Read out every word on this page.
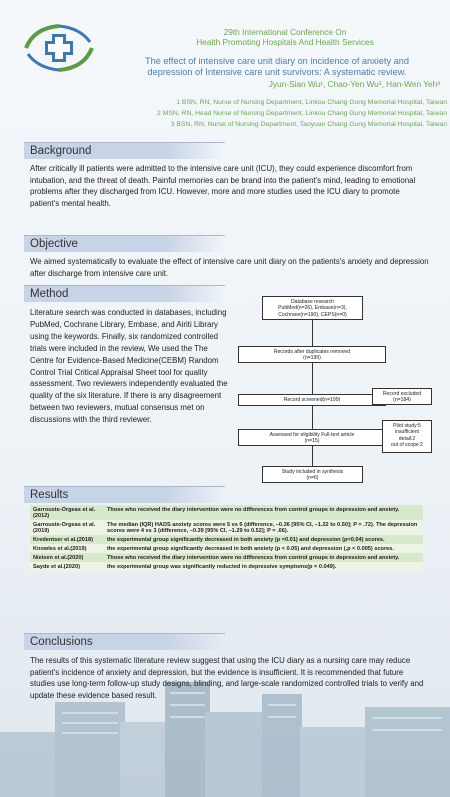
29th International Conference On
Health Promoting Hospitals And Health Services
The effect of intensive care unit diary on incidence of anxiety and
depression of Intensive care unit survivors: A systematic review.
Jyun-Sian Wu¹, Chao-Yen Wu², Han-Wen Yeh³
1 BSN, RN, Nurse of Nursing Department, Linkou Chang Gung Memorial Hospital, Taiwan
2 MSN, RN, Head Nurse of Nursing Department, Linkou Chang Gung Memorial Hospital, Taiwan
3 BSN, RN, Nurse of Nursing Department, Taoyuan Chang Gung Memorial Hospital, Taiwan
Background
After critically ill patients were admitted to the intensive care unit (ICU), they could experience discomfort from intubation, and the threat of death. Painful memories can be brand into the patient's mind, leading to emotional problems after they discharged from ICU. However, more and more studies used the ICU diary to promote patient's mental health.
Objective
We aimed systematically to evaluate the effect of intensive care unit diary on the patients's anxiety and depression after discharge from intensive care unit.
Method
Literature search was conducted in databases, including PubMed, Cochrane Library, Embase, and Airiti Library using the keywords. Finally, six randomized controlled trials were included in the review, We used the The Centre for Evidence-Based Medicine(CEBM) Random Control Trial Critical Appraisal Sheet tool for quality assessment. Two reviewers independently evaluated the quality of the six literature. If there is any disagreement between two reviewers, mutual consensus met on discussions with the third reviewer.
Database research
PubMed(n=26), Embase(n=3),
Cochrane(n=190), CEPS(n=0)
Records after duplicates removed
(n=199)
Record screened(n=199)
Record excluded
(n=184)
Assessed for eligibility Full-text article
(n=15)
Pilot study:5
insufficient
detail:2
out of scope:2
Study included in synthesis
(n=6)
Results
Garrouste-Orgeas et al.(2012)	Those who received the diary intervention were no differences from control groups in depression and anxiety.
Garrouste-Orgeas et al.(2019)	The median (IQR) HADS anxiety scores were 5 vs 6 (difference, –0.36 [95% CI, –1.22 to 0.50]; P = .72). The depression scores were 4 vs 3 (difference, –0.39 [95% CI, –1.29 to 0.52]; P = .66).
Kredentser et al.(2018)	the experimental group significantly decreased in both anxiety (p =0.01) and depression (p=0.04) scores.
Knowles et al.(2019)	the experimental group significantly decreased in both anxiety (p < 0.05) and depression (,p < 0.005) scores.
Nielsen et al.(2020)	Those who received the diary intervention were no differences from control groups in depression and anxiety.
Sayde et al.(2020)	the experimental group was significantly reducted in depressive symptoms(p = 0.049).
Conclusions
The results of this systematic literature review suggest that using the ICU diary as a nursing care may reduce patient's incidence of anxiety and depression, but the evidence is insufficient. It is recommended that future studies use long-term follow-up study designs, blinding, and large-scale randomized controlled trials to verify and update these evidence based result.
